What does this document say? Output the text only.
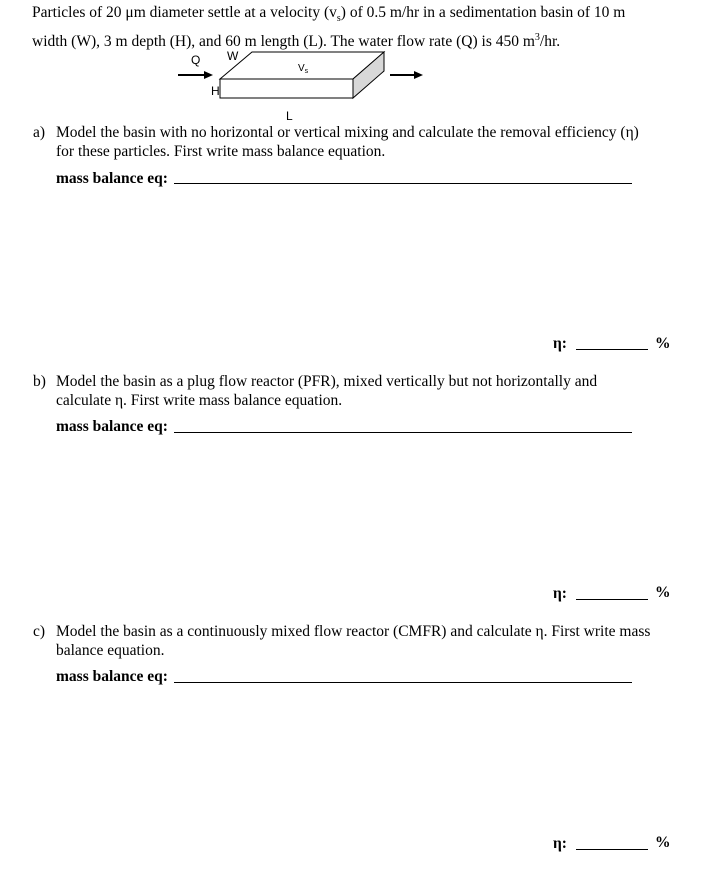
Particles of 20 μm diameter settle at a velocity $(v_s)$ of 0.5 m/hr in a sedimentation basin of 10 m
width (W), 3 m depth (H), and 60 m length (L). The water flow rate (Q) is 450 $m^3/hr$.
Q W
$V_s$
H
L
a) Model the basin with no horizontal or vertical mixing and calculate the removal efficiency (η) for these particles. First write mass balance equation.
mass balance eq:
η:	%
b) Model the basin as a plug flow reactor (PFR), mixed vertically but not horizontally and calculate η. First write mass balance equation.
mass balance eq:
η:	%
c) Model the basin as a continuously mixed flow reactor (CMFR) and calculate η. First write mass balance equation.
mass balance eq:
η:	%
